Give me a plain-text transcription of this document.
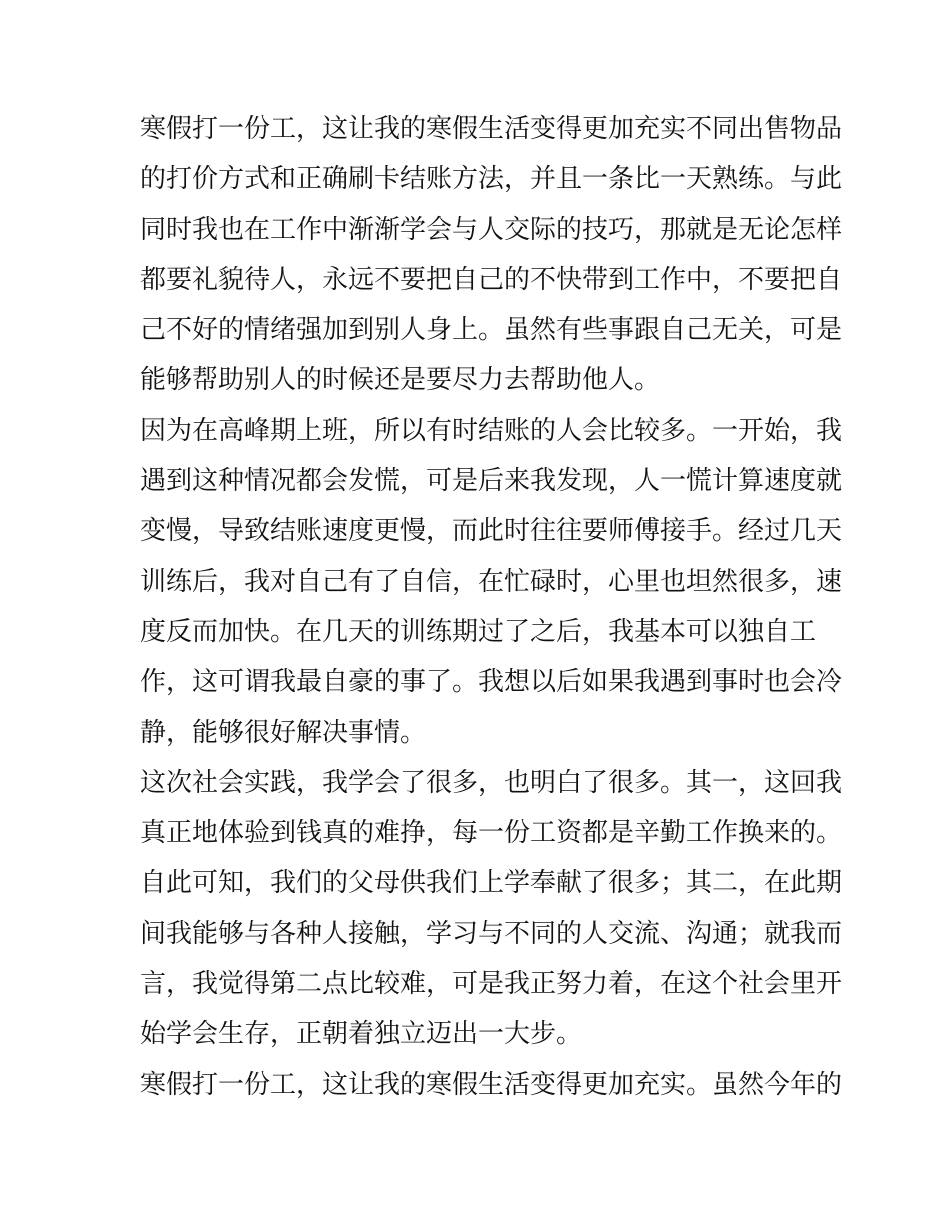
寒假打一份工，这让我的寒假生活变得更加充实不同出售物品
的打价方式和正确刷卡结账方法，并且一条比一天熟练。与此
同时我也在工作中渐渐学会与人交际的技巧，那就是无论怎样
都要礼貌待人，永远不要把自己的不快带到工作中，不要把自
己不好的情绪强加到别人身上。虽然有些事跟自己无关，可是
能够帮助别人的时候还是要尽力去帮助他人。
因为在高峰期上班，所以有时结账的人会比较多。一开始，我
遇到这种情况都会发慌，可是后来我发现，人一慌计算速度就
变慢，导致结账速度更慢，而此时往往要师傅接手。经过几天
训练后，我对自己有了自信，在忙碌时，心里也坦然很多，速
度反而加快。在几天的训练期过了之后，我基本可以独自工
作，这可谓我最自豪的事了。我想以后如果我遇到事时也会冷
静，能够很好解决事情。
这次社会实践，我学会了很多，也明白了很多。其一，这回我
真正地体验到钱真的难挣，每一份工资都是辛勤工作换来的。
自此可知，我们的父母供我们上学奉献了很多；其二，在此期
间我能够与各种人接触，学习与不同的人交流、沟通；就我而
言，我觉得第二点比较难，可是我正努力着，在这个社会里开
始学会生存，正朝着独立迈出一大步。
寒假打一份工，这让我的寒假生活变得更加充实。虽然今年的
